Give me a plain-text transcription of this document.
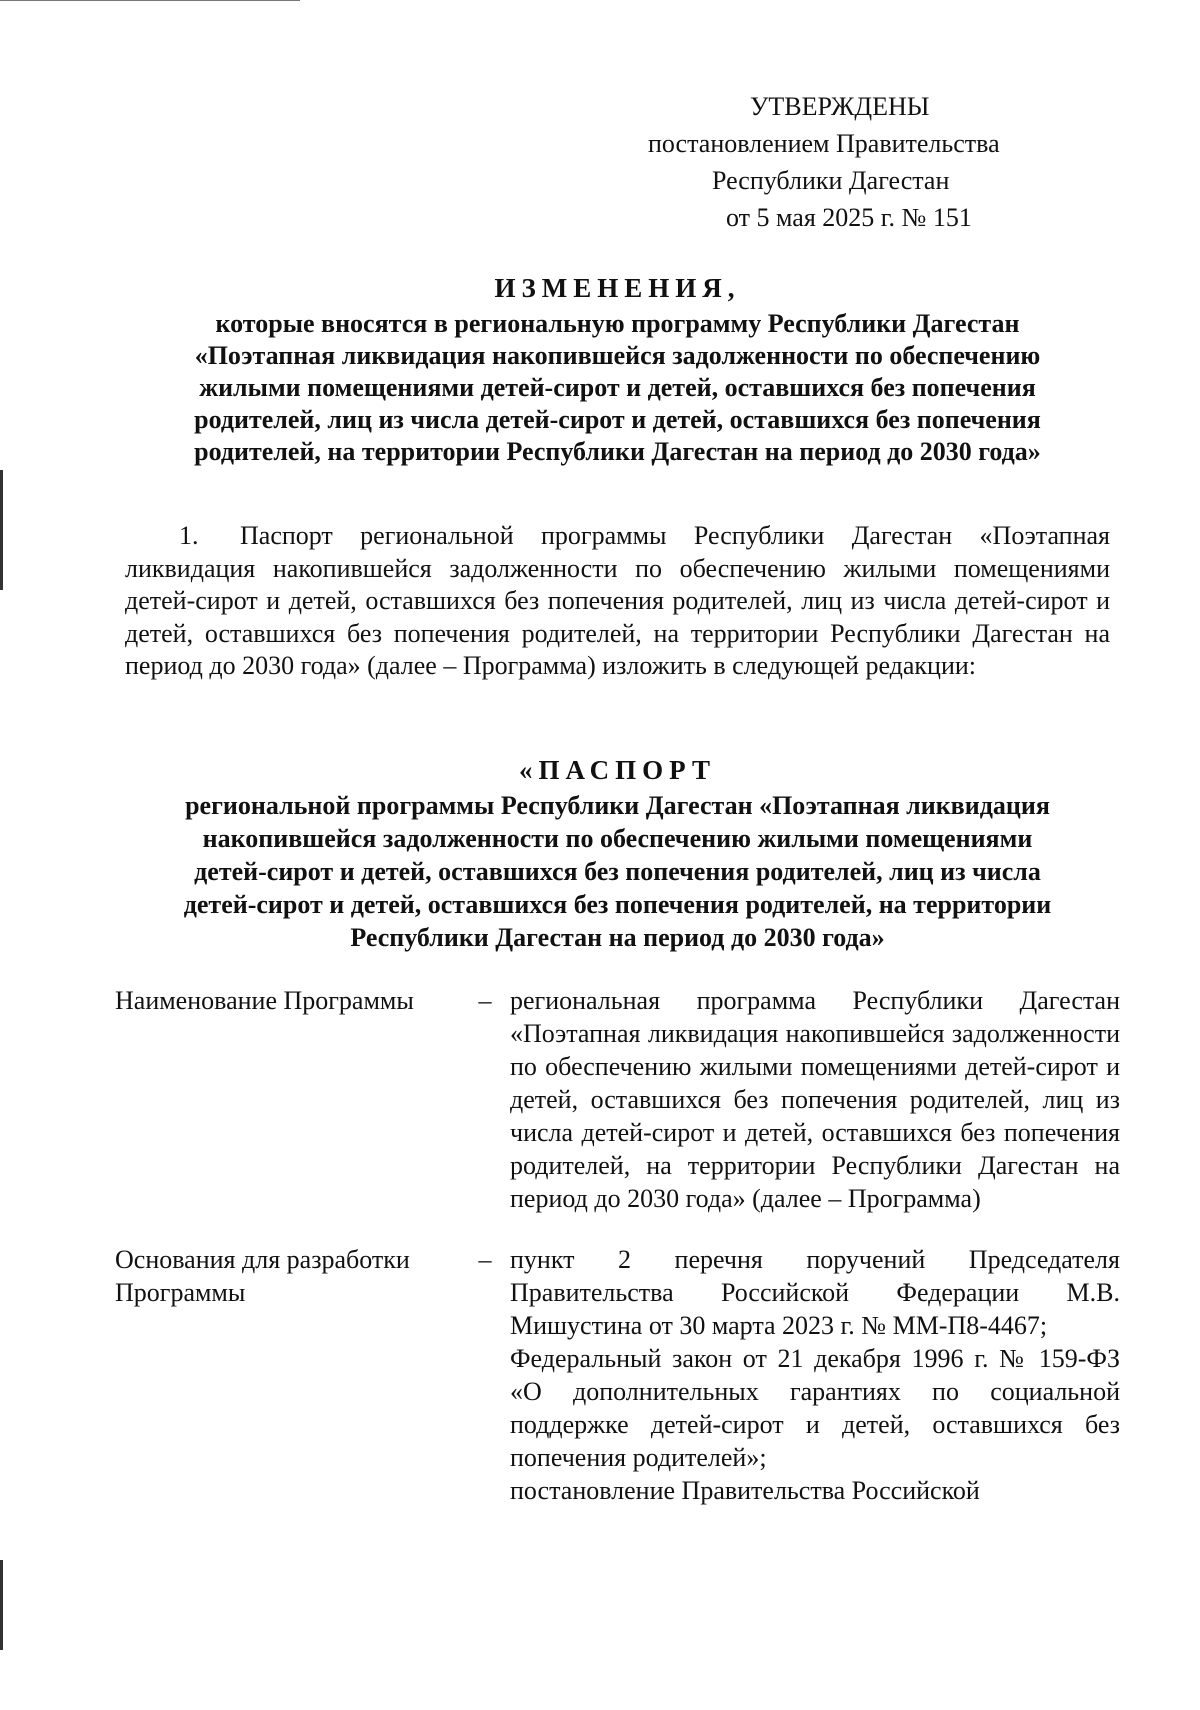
УТВЕРЖДЕНЫ
постановлением Правительства
Республики Дагестан
от 5 мая 2025 г. № 151
ИЗМЕНЕНИЯ,
которые вносятся в региональную программу Республики Дагестан
«Поэтапная ликвидация накопившейся задолженности по обеспечению
жилыми помещениями детей-сирот и детей, оставшихся без попечения
родителей, лиц из числа детей-сирот и детей, оставшихся без попечения
родителей, на территории Республики Дагестан на период до 2030 года»
1. Паспорт региональной программы Республики Дагестан «Поэтапная ликвидация накопившейся задолженности по обеспечению жилыми помещениями детей-сирот и детей, оставшихся без попечения родителей, лиц из числа детей-сирот и детей, оставшихся без попечения родителей, на территории Республики Дагестан на период до 2030 года» (далее – Программа) изложить в следующей редакции:
«ПАСПОРТ
региональной программы Республики Дагестан «Поэтапная ликвидация
накопившейся задолженности по обеспечению жилыми помещениями
детей-сирот и детей, оставшихся без попечения родителей, лиц из числа
детей-сирот и детей, оставшихся без попечения родителей, на территории
Республики Дагестан на период до 2030 года»
Наименование Программы	– региональная программа Республики Дагестан «Поэтапная ликвидация накопившейся задолженности по обеспечению жилыми помещениями детей-сирот и детей, оставшихся без попечения родителей, лиц из числа детей-сирот и детей, оставшихся без попечения родителей, на территории Республики Дагестан на период до 2030 года» (далее – Программа)

Основания для разработки Программы
– пункт 2 перечня поручений Председателя Правительства Российской Федерации М.В. Мишустина от 30 марта 2023 г. № ММ-П8-4467;

Федеральный закон от 21 декабря 1996 г. № 159-ФЗ «О дополнительных гарантиях по социальной поддержке детей-сирот и детей, оставшихся без попечения родителей»;

постановление Правительства Российской
